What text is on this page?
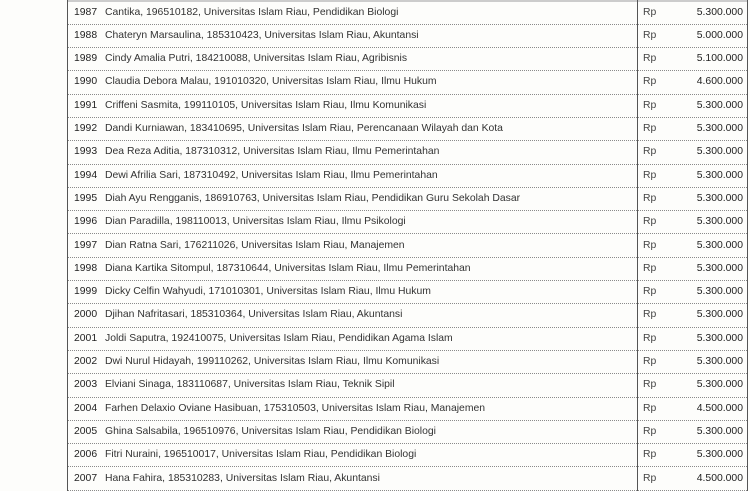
1987 Cantika, 196510182, Universitas Islam Riau, Pendidikan Biologi	Rp	5.300.000
1988 Chateryn Marsaulina, 185310423, Universitas Islam Riau, Akuntansi	Rp	5.000.000
1989 Cindy Amalia Putri, 184210088, Universitas Islam Riau, Agribisnis	Rp	5.100.000
1990 Claudia Debora Malau, 191010320, Universitas Islam Riau, Ilmu Hukum	Rp	4.600.000
1991 Criffeni Sasmita, 199110105, Universitas Islam Riau, Ilmu Komunikasi	Rp	5.300.000
1992 Dandi Kurniawan, 183410695, Universitas Islam Riau, Perencanaan Wilayah dan Kota	Rp	5.300.000
1993 Dea Reza Aditia, 187310312, Universitas Islam Riau, Ilmu Pemerintahan	Rp	5.300.000
1994 Dewi Afrilia Sari, 187310492, Universitas Islam Riau, Ilmu Pemerintahan	Rp	5.300.000
1995 Diah Ayu Rengganis, 186910763, Universitas Islam Riau, Pendidikan Guru Sekolah Dasar	Rp	5.300.000
1996 Dian Paradilla, 198110013, Universitas Islam Riau, Ilmu Psikologi	Rp	5.300.000
1997 Dian Ratna Sari, 176211026, Universitas Islam Riau, Manajemen	Rp	5.300.000
1998 Diana Kartika Sitompul, 187310644, Universitas Islam Riau, Ilmu Pemerintahan	Rp	5.300.000
1999 Dicky Celfin Wahyudi, 171010301, Universitas Islam Riau, Ilmu Hukum	Rp	5.300.000
2000 Djihan Nafritasari, 185310364, Universitas Islam Riau, Akuntansi	Rp	5.300.000
2001 Joldi Saputra, 192410075, Universitas Islam Riau, Pendidikan Agama Islam	Rp	5.300.000
2002 Dwi Nurul Hidayah, 199110262, Universitas Islam Riau, Ilmu Komunikasi	Rp	5.300.000
2003 Elviani Sinaga, 183110687, Universitas Islam Riau, Teknik Sipil	Rp	5.300.000
2004 Farhen Delaxio Oviane Hasibuan, 175310503, Universitas Islam Riau, Manajemen	Rp	4.500.000
2005 Ghina Salsabila, 196510976, Universitas Islam Riau, Pendidikan Biologi	Rp	5.300.000
2006 Fitri Nuraini, 196510017, Universitas Islam Riau, Pendidikan Biologi	Rp	5.300.000
2007 Hana Fahira, 185310283, Universitas Islam Riau, Akuntansi	Rp	4.500.000
